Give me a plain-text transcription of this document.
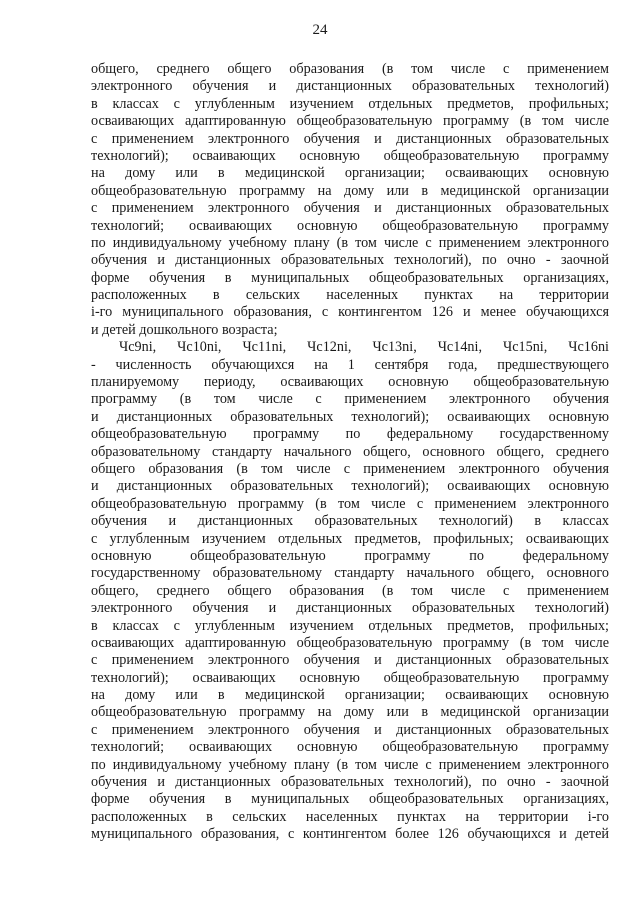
24
общего, среднего общего образования (в том числе с применением
электронного обучения и дистанционных образовательных технологий)
в классах с углубленным изучением отдельных предметов, профильных;
осваивающих адаптированную общеобразовательную программу (в том числе
с применением электронного обучения и дистанционных образовательных
технологий); осваивающих основную общеобразовательную программу
на дому или в медицинской организации; осваивающих основную
общеобразовательную программу на дому или в медицинской организации
с применением электронного обучения и дистанционных образовательных
технологий; осваивающих основную общеобразовательную программу
по индивидуальному учебному плану (в том числе с применением электронного
обучения и дистанционных образовательных технологий), по очно - заочной
форме обучения в муниципальных общеобразовательных организациях,
расположенных в сельских населенных пунктах на территории
i-го муниципального образования, с контингентом 126 и менее обучающихся
и детей дошкольного возраста;
Чс9ni, Чс10ni, Чс11ni, Чс12ni, Чс13ni, Чс14ni, Чс15ni, Чс16ni
- численность обучающихся на 1 сентября года, предшествующего
планируемому периоду, осваивающих основную общеобразовательную
программу (в том числе с применением электронного обучения
и дистанционных образовательных технологий); осваивающих основную
общеобразовательную программу по федеральному государственному
образовательному стандарту начального общего, основного общего, среднего
общего образования (в том числе с применением электронного обучения
и дистанционных образовательных технологий); осваивающих основную
общеобразовательную программу (в том числе с применением электронного
обучения и дистанционных образовательных технологий) в классах
с углубленным изучением отдельных предметов, профильных; осваивающих
основную общеобразовательную программу по федеральному
государственному образовательному стандарту начального общего, основного
общего, среднего общего образования (в том числе с применением
электронного обучения и дистанционных образовательных технологий)
в классах с углубленным изучением отдельных предметов, профильных;
осваивающих адаптированную общеобразовательную программу (в том числе
с применением электронного обучения и дистанционных образовательных
технологий); осваивающих основную общеобразовательную программу
на дому или в медицинской организации; осваивающих основную
общеобразовательную программу на дому или в медицинской организации
с применением электронного обучения и дистанционных образовательных
технологий; осваивающих основную общеобразовательную программу
по индивидуальному учебному плану (в том числе с применением электронного
обучения и дистанционных образовательных технологий), по очно - заочной
форме обучения в муниципальных общеобразовательных организациях,
расположенных в сельских населенных пунктах на территории i-го
муниципального образования, с контингентом более 126 обучающихся и детей
